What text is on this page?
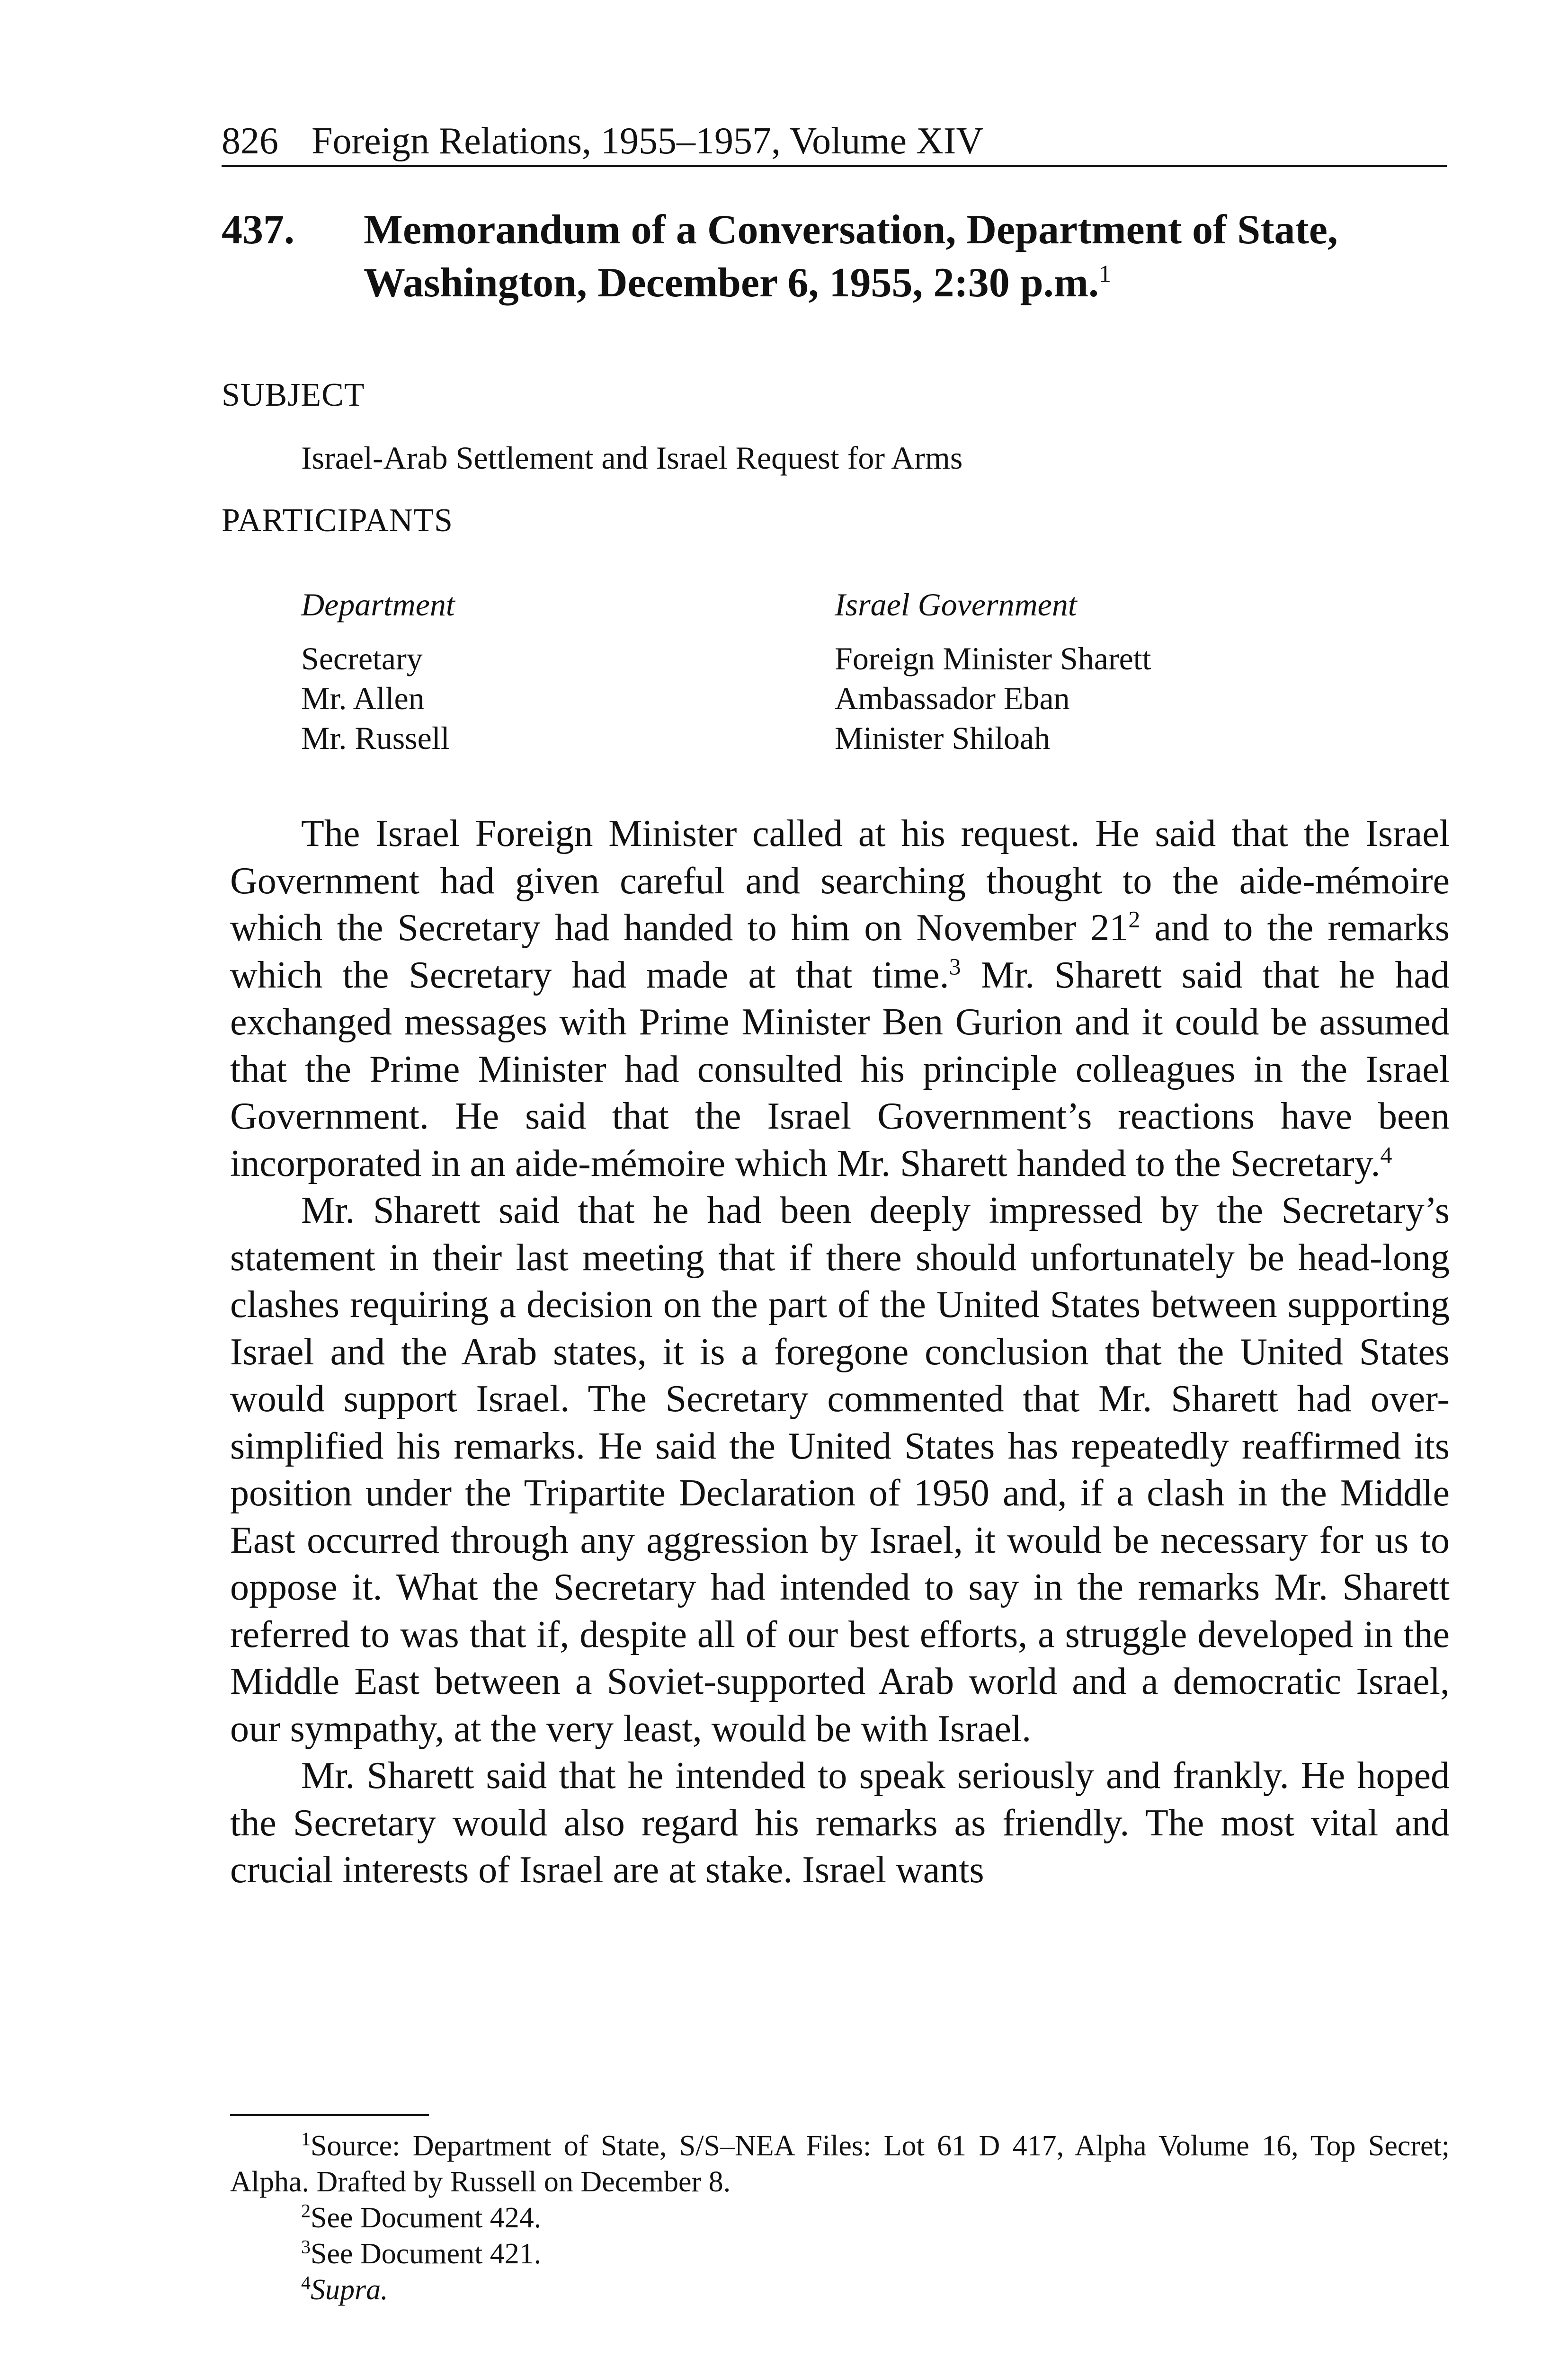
826 Foreign Relations, 1955–1957, Volume XIV
437. Memorandum of a Conversation, Department of State,
Washington, December 6, 1955, 2:30 p.m.$^1$
SUBJECT
Israel-Arab Settlement and Israel Request for Arms
PARTICIPANTS
Department
Secretary
Mr. Allen
Mr. Russell
Israel Government
Foreign Minister Sharett
Ambassador Eban
Minister Shiloah

The Israel Foreign Minister called at his request. He said that the Israel Government had given careful and searching thought to the aide-mémoire which the Secretary had handed to him on November $21^2$ and to the remarks which the Secretary had made at that time.$^3$ Mr. Sharett said that he had exchanged messages with Prime Minister Ben Gurion and it could be assumed that the Prime Minister had consulted his principle colleagues in the Israel Government. He said that the Israel Government’s reactions have been incorporated in an aide-mémoire which Mr. Sharett handed to the Secretary.$^4$

Mr. Sharett said that he had been deeply impressed by the Secretary’s statement in their last meeting that if there should unfortunately be head-long clashes requiring a decision on the part of the United States between supporting Israel and the Arab states, it is a foregone conclusion that the United States would support Israel. The Secretary commented that Mr. Sharett had over-simplified his remarks. He said the United States has repeatedly reaffirmed its position under the Tripartite Declaration of 1950 and, if a clash in the Middle East occurred through any aggression by Israel, it would be necessary for us to oppose it. What the Secretary had intended to say in the remarks Mr. Sharett referred to was that if, despite all of our best efforts, a struggle developed in the Middle East between a Soviet-supported Arab world and a democratic Israel, our sympathy, at the very least, would be with Israel.

Mr. Sharett said that he intended to speak seriously and frankly. He hoped the Secretary would also regard his remarks as friendly. The most vital and crucial interests of Israel are at stake. Israel wants

$^1$Source: Department of State, S/S–NEA Files: Lot 61 D 417, Alpha Volume 16, Top Secret; Alpha. Drafted by Russell on December 8.

$^2$See Document 424.

$^3$See Document 421.

$^4$Supra.
